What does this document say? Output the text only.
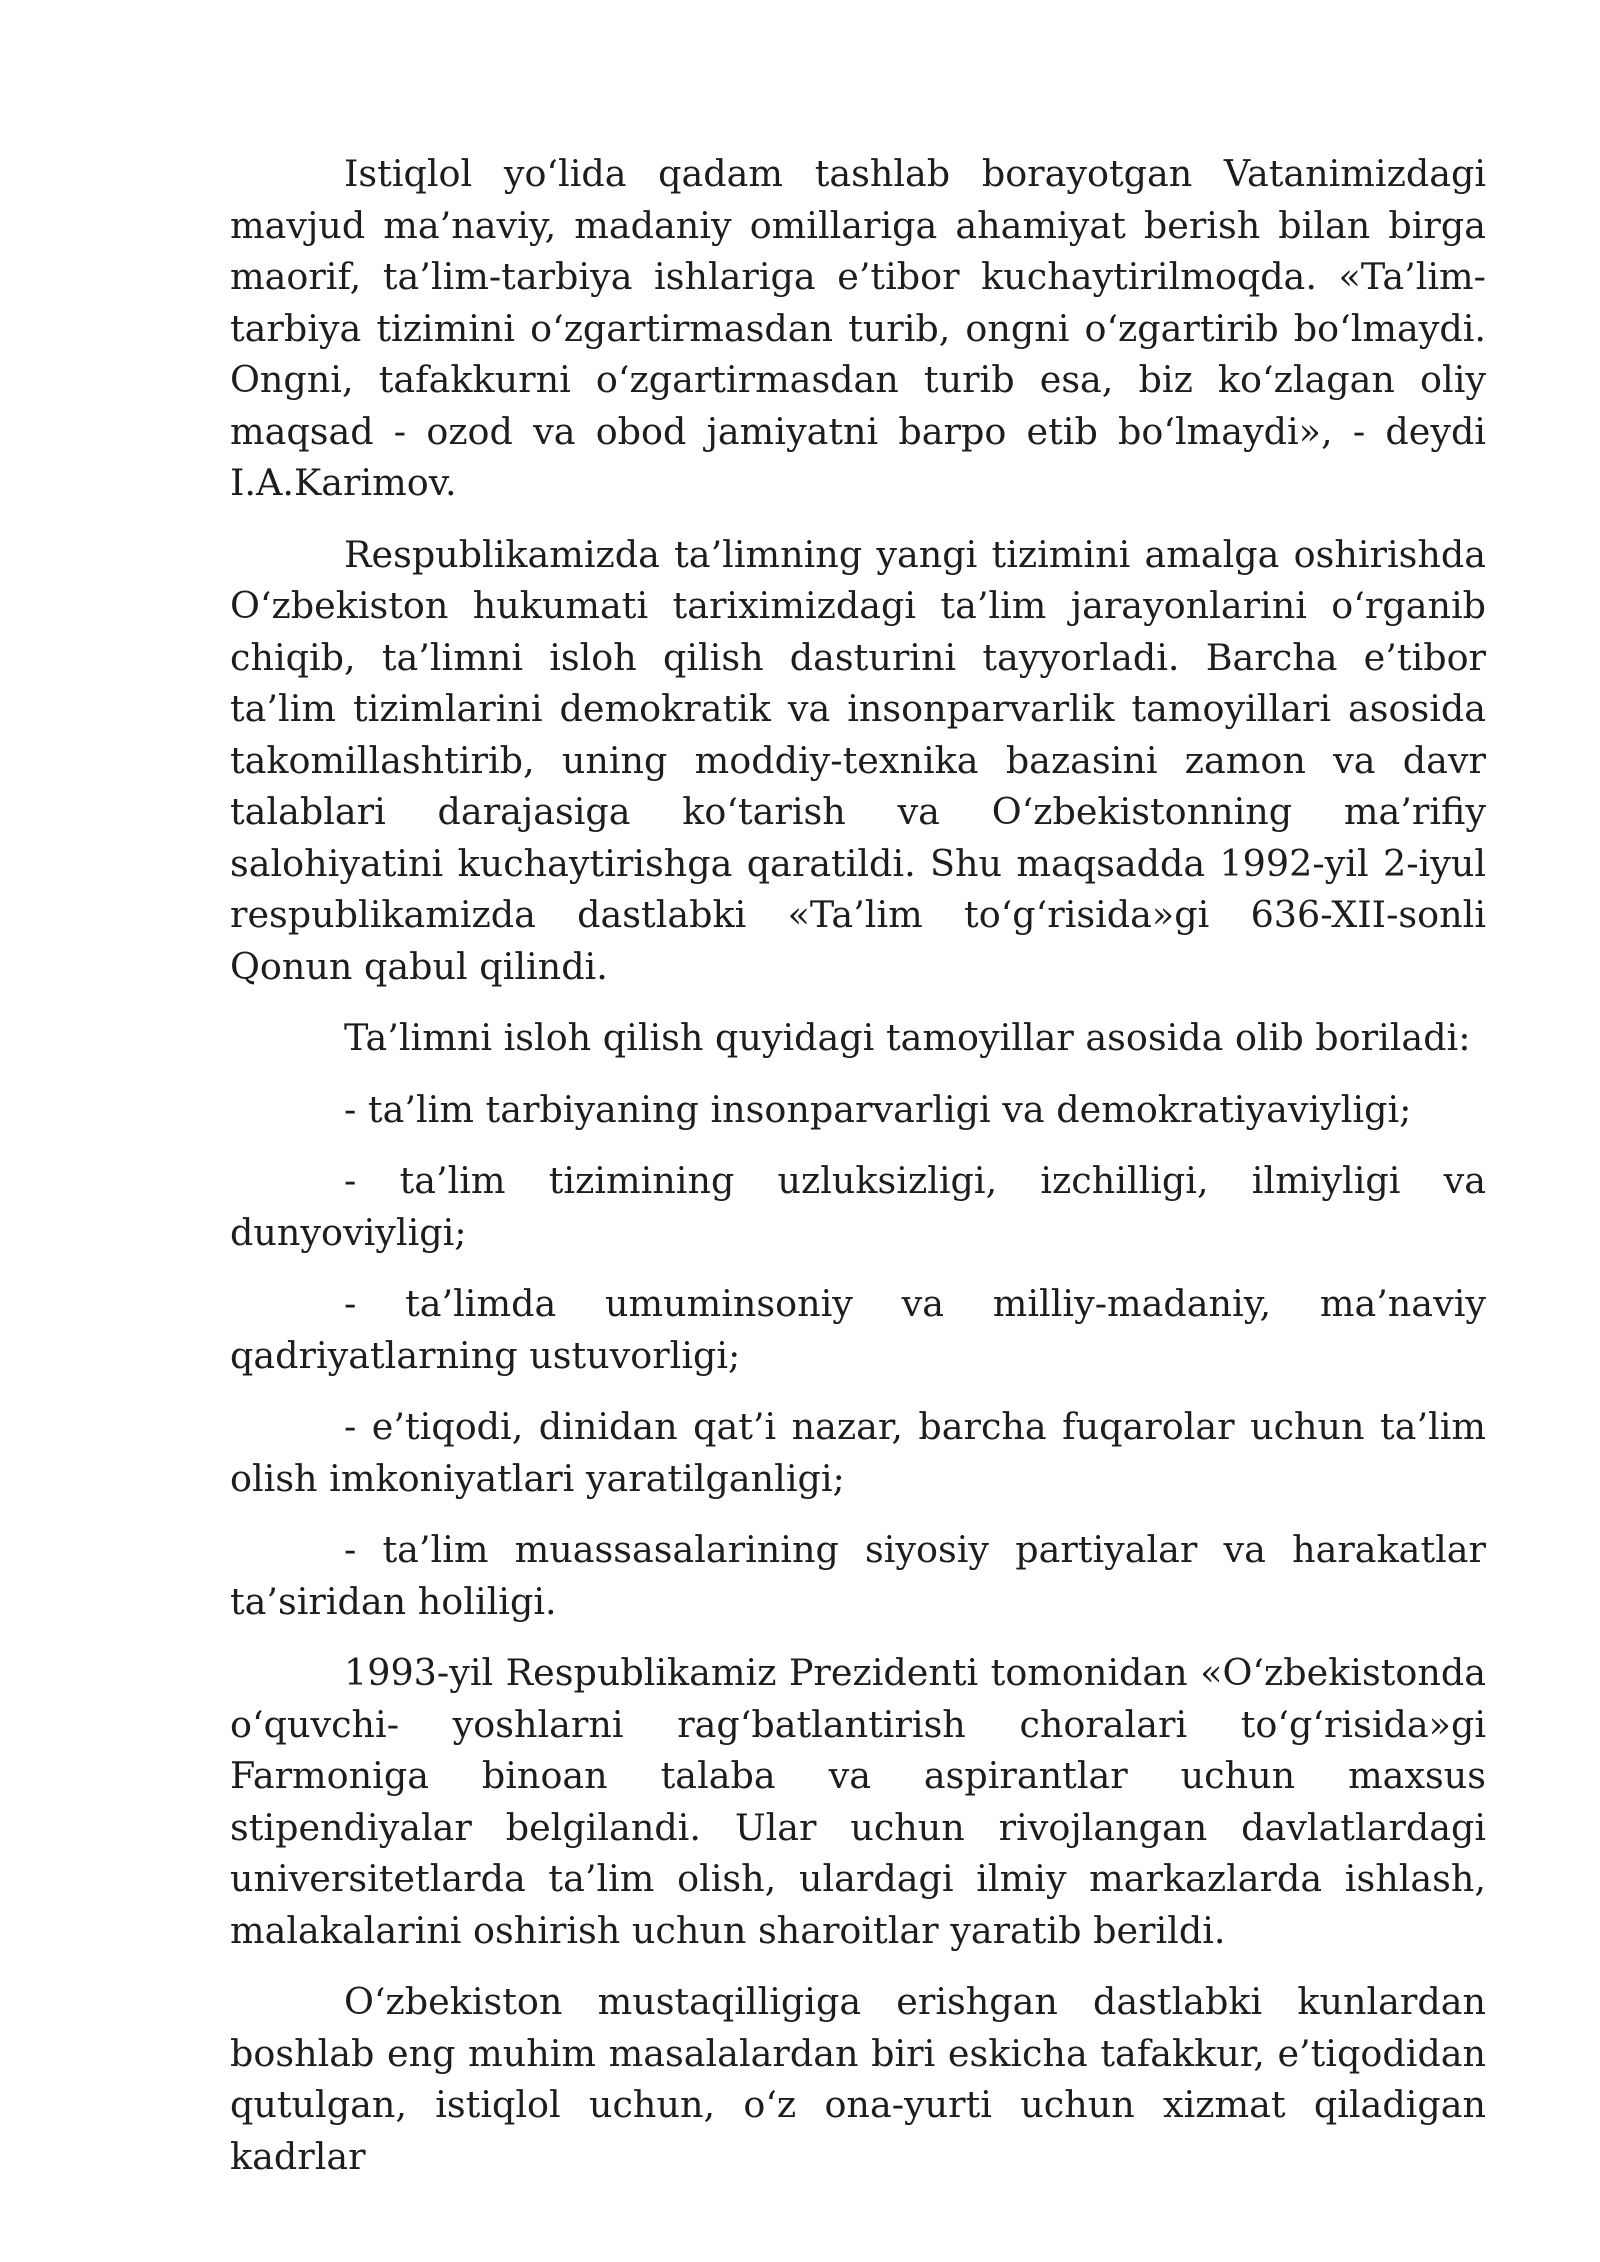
Istiqlol yo‘lida qadam tashlab borayotgan Vatanimizdagi mavjud ma’naviy, madaniy omillariga ahamiyat berish bilan birga maorif, ta’lim-tarbiya ishlariga e’tibor kuchaytirilmoqda. «Ta’lim-tarbiya tizimini o‘zgartirmasdan turib, ongni o‘zgartirib bo‘lmaydi. Ongni, tafakkurni o‘zgartirmasdan turib esa, biz ko‘zlagan oliy maqsad - ozod va obod jamiyatni barpo etib bo‘lmaydi», - deydi I.A.Karimov.

Respublikamizda ta’limning yangi tizimini amalga oshirishda O‘zbekiston hukumati tariximizdagi ta’lim jarayonlarini o‘rganib chiqib, ta’limni isloh qilish dasturini tayyorladi. Barcha e’tibor ta’lim tizimlarini demokratik va insonparvarlik tamoyillari asosida takomillashtirib, uning moddiy-texnika bazasini zamon va davr talablari darajasiga ko‘tarish va O‘zbekistonning ma’rifiy salohiyatini kuchaytirishga qaratildi. Shu maqsadda 1992-yil 2-iyul respublikamizda dastlabki «Ta’lim to‘g‘risida»gi 636-XII-sonli Qonun qabul qilindi.

Ta’limni isloh qilish quyidagi tamoyillar asosida olib boriladi:

- ta’lim tarbiyaning insonparvarligi va demokratiyaviyligi;

- ta’lim tizimining uzluksizligi, izchilligi, ilmiyligi va dunyoviyligi;

- ta’limda umuminsoniy va milliy-madaniy, ma’naviy qadriyatlarning ustuvorligi;

- e’tiqodi, dinidan qat’i nazar, barcha fuqarolar uchun ta’lim olish imkoniyatlari yaratilganligi;

- ta’lim muassasalarining siyosiy partiyalar va harakatlar ta’siridan holiligi.

1993-yil Respublikamiz Prezidenti tomonidan «O‘zbekistonda o‘quvchi- yoshlarni rag‘batlantirish choralari to‘g‘risida»gi Farmoniga binoan talaba va aspirantlar uchun maxsus stipendiyalar belgilandi. Ular uchun rivojlangan davlatlardagi universitetlarda ta’lim olish, ulardagi ilmiy markazlarda ishlash, malakalarini oshirish uchun sharoitlar yaratib berildi.

O‘zbekiston mustaqilligiga erishgan dastlabki kunlardan boshlab eng muhim masalalardan biri eskicha tafakkur, e’tiqodidan qutulgan, istiqlol uchun, o‘z ona-yurti uchun xizmat qiladigan kadrlar
